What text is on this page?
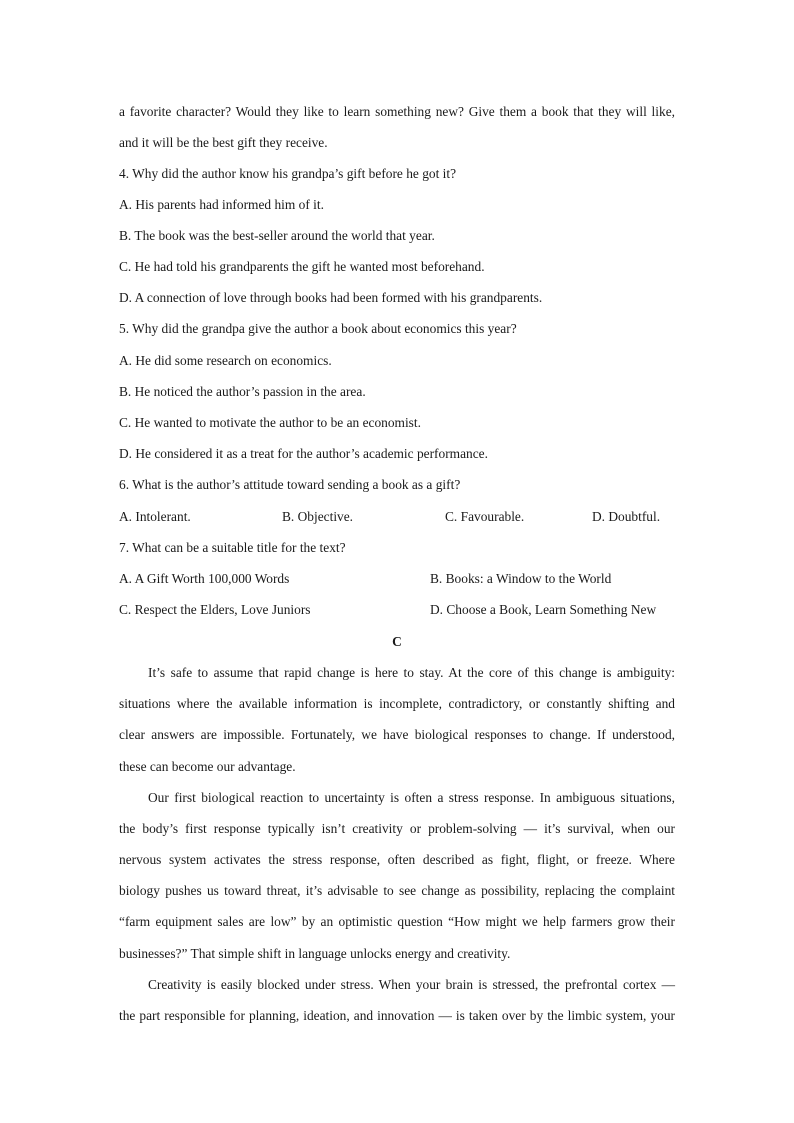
a favorite character? Would they like to learn something new? Give them a book that they will like,
and it will be the best gift they receive.
4. Why did the author know his grandpa’s gift before he got it?
A. His parents had informed him of it.
B. The book was the best-seller around the world that year.
C. He had told his grandparents the gift he wanted most beforehand.
D. A connection of love through books had been formed with his grandparents.
5. Why did the grandpa give the author a book about economics this year?
A. He did some research on economics.
B. He noticed the author’s passion in the area.
C. He wanted to motivate the author to be an economist.
D. He considered it as a treat for the author’s academic performance.
6. What is the author’s attitude toward sending a book as a gift?
A. Intolerant.	B. Objective.	C. Favourable.	D. Doubtful.
7. What can be a suitable title for the text?
A. A Gift Worth 100,000 Words	B. Books: a Window to the World
C. Respect the Elders, Love Juniors	D. Choose a Book, Learn Something New
C
It’s safe to assume that rapid change is here to stay. At the core of this change is ambiguity:
situations where the available information is incomplete, contradictory, or constantly shifting and
clear answers are impossible. Fortunately, we have biological responses to change. If understood,
these can become our advantage.
Our first biological reaction to uncertainty is often a stress response. In ambiguous situations,
the body’s first response typically isn’t creativity or problem-solving — it’s survival, when our
nervous system activates the stress response, often described as fight, flight, or freeze. Where
biology pushes us toward threat, it’s advisable to see change as possibility, replacing the complaint
“farm equipment sales are low” by an optimistic question “How might we help farmers grow their
businesses?” That simple shift in language unlocks energy and creativity.
Creativity is easily blocked under stress. When your brain is stressed, the prefrontal cortex —
the part responsible for planning, ideation, and innovation — is taken over by the limbic system, your
